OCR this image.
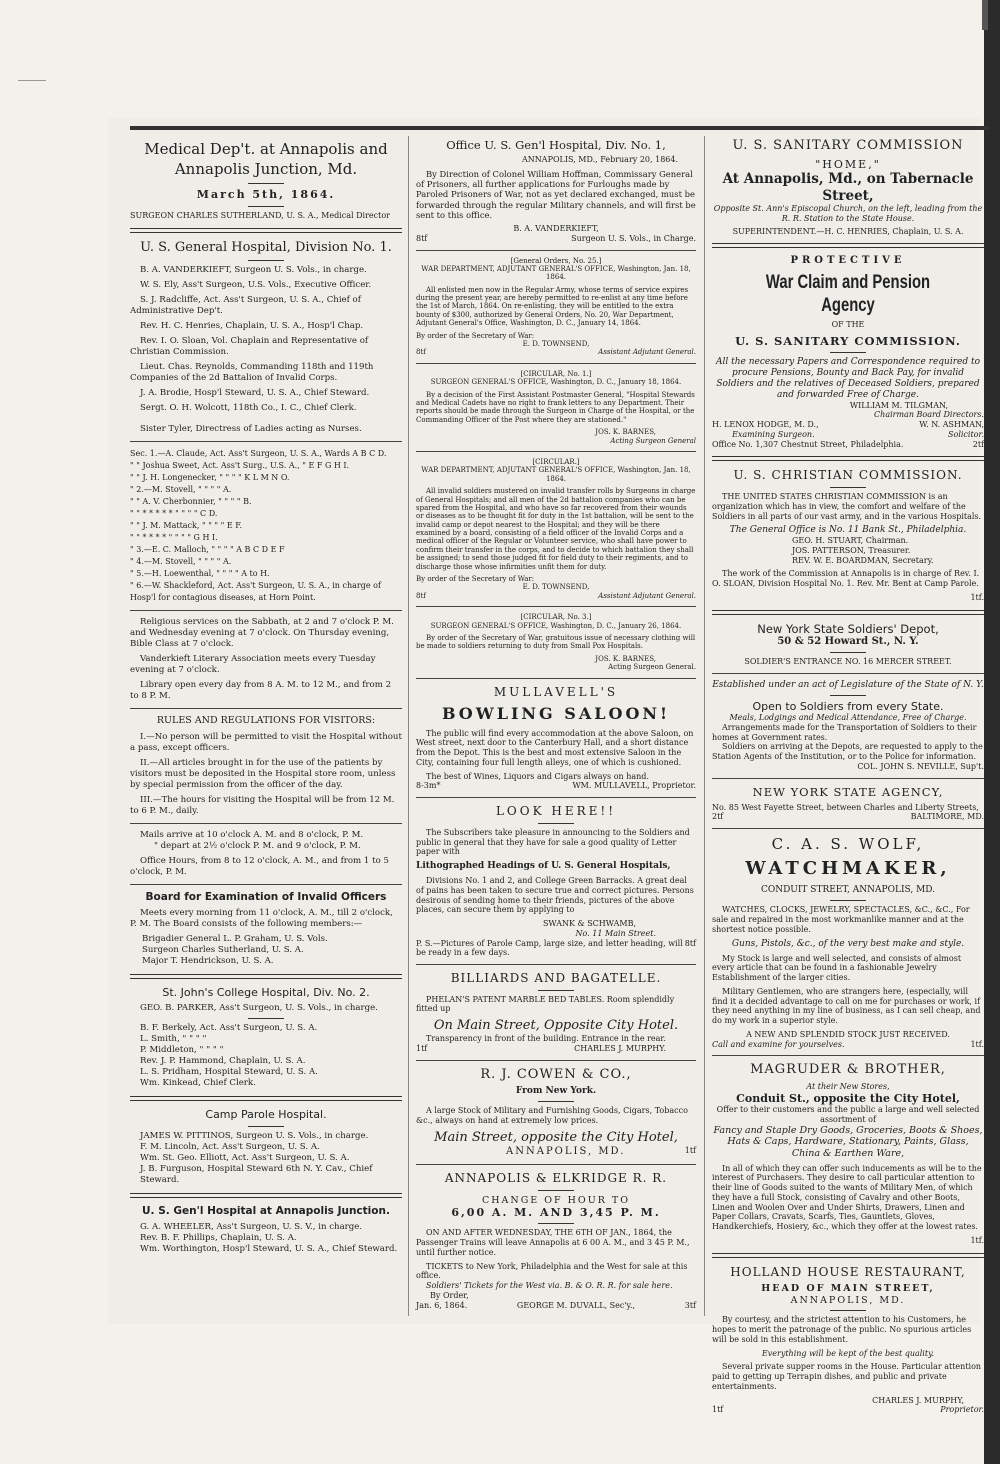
Medical Dep't. at Annapolis and Annapolis Junction, Md.
March 5th, 1864.

SURGEON CHARLES SUTHERLAND, U. S. A., Medical Director

U. S. General Hospital, Division No. 1.

B. A. VANDERKIEFT, Surgeon U. S. Vols., in charge.

W. S. Ely, Ass't Surgeon, U.S. Vols., Executive Officer.

S. J. Radcliffe, Act. Ass't Surgeon, U. S. A., Chief of Administrative Dep't.

Rev. H. C. Henries, Chaplain, U. S. A., Hosp'l Chap.

Rev. I. O. Sloan, Vol. Chaplain and Representative of Christian Commission.

Lieut. Chas. Reynolds, Commanding 118th and 119th Companies of the 2d Battalion of Invalid Corps.

J. A. Brodie, Hosp'l Steward, U. S. A., Chief Steward.

Sergt. O. H. Wolcott, 118th Co., I. C., Chief Clerk.

Sister Tyler, Directress of Ladies acting as Nurses.

Sec. 1.—A. Claude, Act. Ass't Surgeon, U. S. A., Wards A B C D.
" " Joshua Sweet, Act. Ass't Surg., U.S. A., " E F G H I.
" " J. H. Longenecker, " " " " K L M N O.
" 2.—M. Stovell, " " " " A.
" " A. V. Cherbonnier, " " " " B.
" " * * * * * " " " " C D.
" " J. M. Mattack, " " " " E F.
" " * * * * " " " " G H I.
" 3.—E. C. Malloch, " " " " A B C D E F
" 4.—M. Stovell, " " " " A.
" 5.—H. Loewenthal, " " " " A to H.
" 6.—W. Shackleford, Act. Ass't Surgeon, U. S. A., in charge of Hosp'l for contagious diseases, at Horn Point.

Religious services on the Sabbath, at 2 and 7 o'clock P. M. and Wednesday evening at 7 o'clock. On Thursday evening, Bible Class at 7 o'clock.

Vanderkieft Literary Association meets every Tuesday evening at 7 o'clock.

Library open every day from 8 A. M. to 12 M., and from 2 to 8 P. M.

RULES AND REGULATIONS FOR VISITORS:

I.—No person will be permitted to visit the Hospital without a pass, except officers.

II.—All articles brought in for the use of the patients by visitors must be deposited in the Hospital store room, unless by special permission from the officer of the day.

III.—The hours for visiting the Hospital will be from 12 M. to 6 P. M., daily.

Mails arrive at 10 o'clock A. M. and 8 o'clock, P. M.
" depart at 2½ o'clock P. M. and 9 o'clock, P. M.

Office Hours, from 8 to 12 o'clock, A. M., and from 1 to 5 o'clock, P. M.

Board for Examination of Invalid Officers

Meets every morning from 11 o'clock, A. M., till 2 o'clock, P. M. The Board consists of the following members:—

Brigadier General L. P. Graham, U. S. Vols.
Surgeon Charles Sutherland, U. S. A.
Major T. Hendrickson, U. S. A.
St. John's College Hospital, Div. No. 2.
GEO. B. PARKER, Ass't Surgeon, U. S. Vols., in charge.
B. F. Berkely, Act. Ass't Surgeon, U. S. A.
L. Smith, " " " "
P. Middleton, " " " "
Rev. J. P. Hammond, Chaplain, U. S. A.
L. S. Pridham, Hospital Steward, U. S. A.
Wm. Kinkead, Chief Clerk.
Camp Parole Hospital.
JAMES W. PITTINOS, Surgeon U. S. Vols., in charge.
F. M. Lincoln, Act. Ass't Surgeon, U. S. A.
Wm. St. Geo. Elliott, Act. Ass't Surgeon, U. S. A.
J. B. Furguson, Hospital Steward 6th N. Y. Cav., Chief Steward.
U. S. Gen'l Hospital at Annapolis Junction.
G. A. WHEELER, Ass't Surgeon, U. S. V., in charge.
Rev. B. F. Phillips, Chaplain, U. S. A.
Wm. Worthington, Hosp'l Steward, U. S. A., Chief Steward.
Office U. S. Gen'l Hospital, Div. No. 1,
ANNAPOLIS, MD., February 20, 1864.

By Direction of Colonel William Hoffman, Commissary General of Prisoners, all further applications for Furloughs made by Paroled Prisoners of War, not as yet declared exchanged, must be forwarded through the regular Military channels, and will first be sent to this office.

B. A. VANDERKIEFT,
8tf	Surgeon U. S. Vols., in Charge.
[General Orders, No. 25.]
WAR DEPARTMENT, ADJUTANT GENERAL'S OFFICE, Washington, Jan. 18, 1864.

All enlisted men now in the Regular Army, whose terms of service expires during the present year, are hereby permitted to re-enlist at any time before the 1st of March, 1864. On re-enlisting, they will be entitled to the extra bounty of $300, authorized by General Orders, No. 20, War Department, Adjutant General's Office, Washington, D. C., January 14, 1864.

By order of the Secretary of War:
E. D. TOWNSEND,
8tf	Assistant Adjutant General.
[CIRCULAR, No. 1.]
SURGEON GENERAL'S OFFICE, Washington, D. C., January 18, 1864.

By a decision of the First Assistant Postmaster General, "Hospital Stewards and Medical Cadets have no right to frank letters to any Department. Their reports should be made through the Surgeon in Charge of the Hospital, or the Commanding Officer of the Post where they are stationed."

JOS. K. BARNES,
Acting Surgeon General
[CIRCULAR.]
WAR DEPARTMENT, ADJUTANT GENERAL'S OFFICE, Washington, Jan. 18, 1864.

All invalid soldiers mustered on invalid transfer rolls by Surgeons in charge of General Hospitals; and all men of the 2d battalion companies who can be spared from the Hospital, and who have so far recovered from their wounds or diseases as to be thought fit for duty in the 1st battalion, will be sent to the invalid camp or depot nearest to the Hospital; and they will be there examined by a board, consisting of a field officer of the Invalid Corps and a medical officer of the Regular or Volunteer service, who shall have power to confirm their transfer in the corps, and to decide to which battalion they shall be assigned; to send those judged fit for field duty to their regiments, and to discharge those whose infirmities unfit them for duty.

By order of the Secretary of War:
E. D. TOWNSEND,
8tf	Assistant Adjutant General.
[CIRCULAR, No. 3.]
SURGEON GENERAL'S OFFICE, Washington, D. C., January 26, 1864.

By order of the Secretary of War, gratuitous issue of necessary clothing will be made to soldiers returning to duty from Small Pox Hospitals.

JOS. K. BARNES,
Acting Surgeon General.
MULLAVELL'S
BOWLING SALOON!

The public will find every accommodation at the above Saloon, on West street, next door to the Canterbury Hall, and a short distance from the Depot. This is the best and most extensive Saloon in the City, containing four full length alleys, one of which is cushioned.

The best of Wines, Liquors and Cigars always on hand.
8-3m*	WM. MULLAVELL, Proprietor.
LOOK HERE!!

The Subscribers take pleasure in announcing to the Soldiers and public in general that they have for sale a good quality of Letter paper with

Lithographed Headings of U. S. General Hospitals,

Divisions No. 1 and 2, and College Green Barracks. A great deal of pains has been taken to secure true and correct pictures. Persons desirous of sending home to their friends, pictures of the above places, can secure them by applying to

SWANK & SCHWAMB,
No. 11 Main Street.
P. S.—Pictures of Parole Camp, large size, and letter heading, will be ready in a few days.
8tf
BILLIARDS AND BAGATELLE.

PHELAN'S PATENT MARBLE BED TABLES. Room splendidly fitted up

On Main Street, Opposite City Hotel.
Transparency in front of the building. Entrance in the rear.
1tf	CHARLES J. MURPHY.
R. J. COWEN & CO.,
From New York.

A large Stock of Military and Furnishing Goods, Cigars, Tobacco &c., always on hand at extremely low prices.

Main Street, opposite the City Hotel,
ANNAPOLIS, MD.	1tf
ANNAPOLIS & ELKRIDGE R. R.
CHANGE OF HOUR TO
6,00 A. M. AND 3,45 P. M.

ON AND AFTER WEDNESDAY, THE 6TH OF JAN., 1864, the Passenger Trains will leave Annapolis at 6 00 A. M., and 3 45 P. M., until further notice.

TICKETS to New York, Philadelphia and the West for sale at this office.
Soldiers' Tickets for the West via. B. & O. R. R. for sale here.
By Order,
Jan. 6, 1864.	GEORGE M. DUVALL, Sec'y.,	3tf
U. S. SANITARY COMMISSION
"HOME,"
At Annapolis, Md., on Tabernacle Street,
Opposite St. Ann's Episcopal Church, on the left, leading from the R. R. Station to the State House.
SUPERINTENDENT.—H. C. HENRIES, Chaplain, U. S. A.
PROTECTIVE
War Claim and Pension Agency
OF THE
U. S. SANITARY COMMISSION.
All the necessary Papers and Correspondence required to procure Pensions, Bounty and Back Pay, for invalid Soldiers and the relatives of Deceased Soldiers, prepared and forwarded Free of Charge.
WILLIAM M. TILGMAN,
Chairman Board Directors.
H. LENOX HODGE, M. D.,	W. N. ASHMAN,
Examining Surgeon.	Solicitor.
Office No. 1,307 Chestnut Street, Philadelphia.	2tf
U. S. CHRISTIAN COMMISSION.

THE UNITED STATES CHRISTIAN COMMISSION is an organization which has in view, the comfort and welfare of the Soldiers in all parts of our vast army, and in the various Hospitals.

The General Office is No. 11 Bank St., Philadelphia.
GEO. H. STUART, Chairman.
JOS. PATTERSON, Treasurer.
REV. W. E. BOARDMAN, Secretary.

The work of the Commission at Annapolis is in charge of Rev. I. O. SLOAN, Division Hospital No. 1. Rev. Mr. Bent at Camp Parole.

1tf.
New York State Soldiers' Depot,
50 & 52 Howard St., N. Y.
SOLDIER'S ENTRANCE NO. 16 MERCER STREET.
Established under an act of Legislature of the State of N. Y.
Open to Soldiers from every State.
Meals, Lodgings and Medical Attendance, Free of Charge.
Arrangements made for the Transportation of Soldiers to their homes at Government rates.
Soldiers on arriving at the Depots, are requested to apply to the Station Agents of the Institution, or to the Police for information.
COL. JOHN S. NEVILLE, Sup't.
NEW YORK STATE AGENCY,
No. 85 West Fayette Street, between Charles and Liberty Streets,
2tf	BALTIMORE, MD.
C. A. S. WOLF,
WATCHMAKER,
CONDUIT STREET, ANNAPOLIS, MD.

WATCHES, CLOCKS, JEWELRY, SPECTACLES, &C., &C., For sale and repaired in the most workmanlike manner and at the shortest notice possible.

Guns, Pistols, &c., of the very best make and style.

My Stock is large and well selected, and consists of almost every article that can be found in a fashionable Jewelry Establishment of the larger cities.

Military Gentlemen, who are strangers here, (especially, will find it a decided advantage to call on me for purchases or work, if they need anything in my line of business, as I can sell cheap, and do my work in a superior style.

A NEW AND SPLENDID STOCK JUST RECEIVED.
Call and examine for yourselves.	1tf.
MAGRUDER & BROTHER,
At their New Stores,
Conduit St., opposite the City Hotel,
Offer to their customers and the public a large and well selected assortment of
Fancy and Staple Dry Goods, Groceries, Boots & Shoes, Hats & Caps, Hardware, Stationary, Paints, Glass, China & Earthen Ware,

In all of which they can offer such inducements as will be to the interest of Purchasers. They desire to call particular attention to their line of Goods suited to the wants of Military Men, of which they have a full Stock, consisting of Cavalry and other Boots, Linen and Woolen Over and Under Shirts, Drawers, Linen and Paper Collars, Cravats, Scarfs, Ties, Gauntlets, Gloves, Handkerchiefs, Hosiery, &c., which they offer at the lowest rates.

1tf.
HOLLAND HOUSE RESTAURANT,
HEAD OF MAIN STREET,
ANNAPOLIS, MD.

By courtesy, and the strictest attention to his Customers, he hopes to merit the patronage of the public. No spurious articles will be sold in this establishment.

Everything will be kept of the best quality.

Several private supper rooms in the House. Particular attention paid to getting up Terrapin dishes, and public and private entertainments.

CHARLES J. MURPHY,
1tf	Proprietor.
